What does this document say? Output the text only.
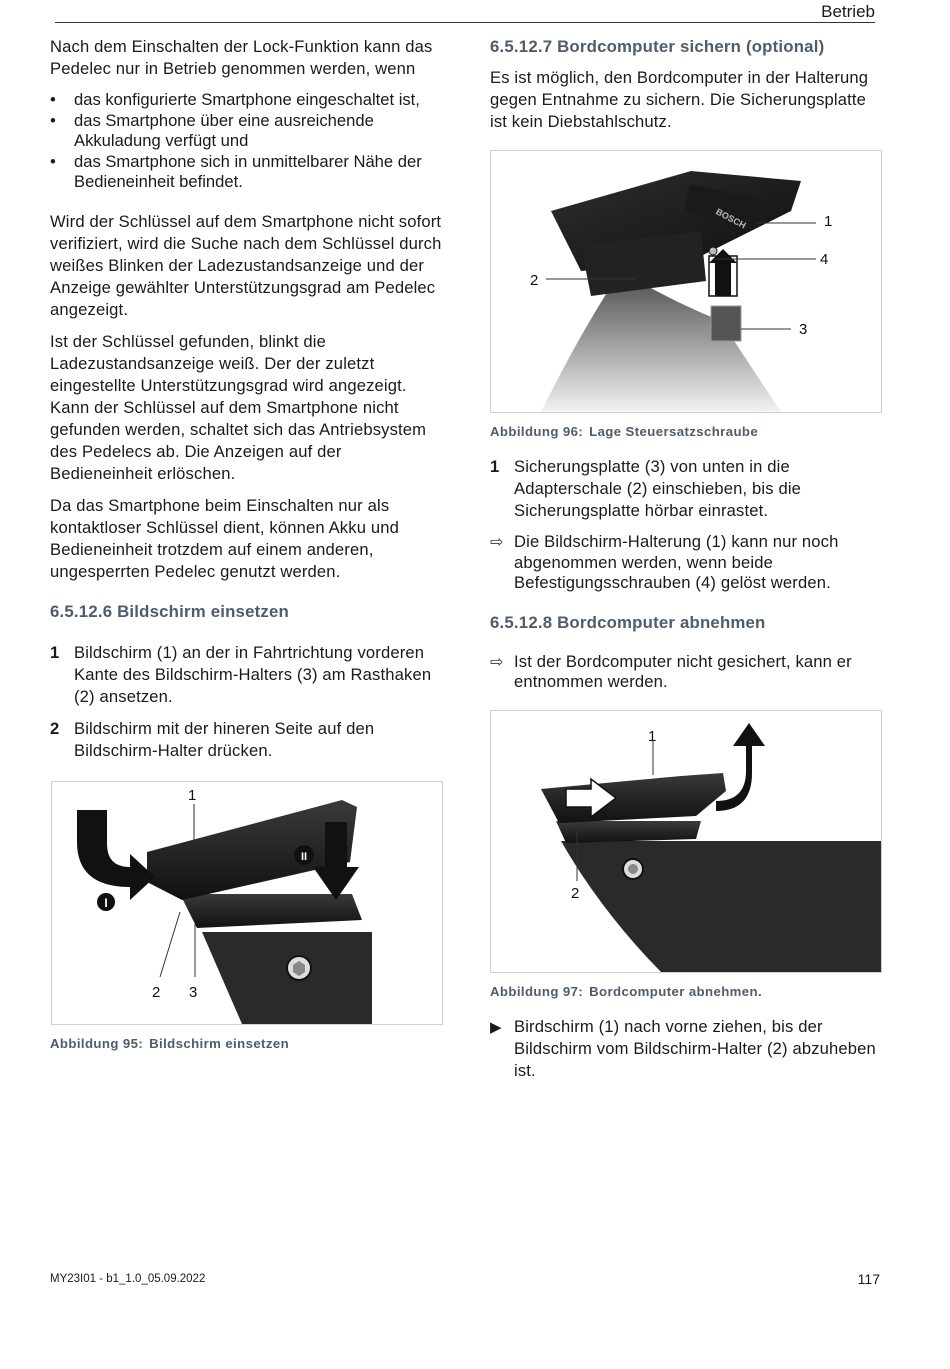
Betrieb

Nach dem Einschalten der Lock-Funktion kann das Pedelec nur in Betrieb genommen werden, wenn

• das konfigurierte Smartphone eingeschaltet ist,
• das Smartphone über eine ausreichende Akkuladung verfügt und
• das Smartphone sich in unmittelbarer Nähe der Bedieneinheit befindet.

Wird der Schlüssel auf dem Smartphone nicht sofort verifiziert, wird die Suche nach dem Schlüssel durch weißes Blinken der Ladezustandsanzeige und der Anzeige gewählter Unterstützungsgrad am Pedelec angezeigt.

Ist der Schlüssel gefunden, blinkt die Ladezustandsanzeige weiß. Der der zuletzt eingestellte Unterstützungsgrad wird angezeigt. Kann der Schlüssel auf dem Smartphone nicht gefunden werden, schaltet sich das Antriebsystem des Pedelecs ab. Die Anzeigen auf der Bedieneinheit erlöschen.

Da das Smartphone beim Einschalten nur als kontaktloser Schlüssel dient, können Akku und Bedieneinheit trotzdem auf einem anderen, ungesperrten Pedelec genutzt werden.

6.5.12.6 Bildschirm einsetzen
1 Bildschirm (1) an der in Fahrtrichtung vorderen Kante des Bildschirm-Halters (3) am Rasthaken (2) ansetzen.

2 Bildschirm mit der hineren Seite auf den Bildschirm-Halter drücken.

I
II
1
2 3
Abbildung 95: Bildschirm einsetzen
6.5.12.7 Bordcomputer sichern (optional)

Es ist möglich, den Bordcomputer in der Halterung gegen Entnahme zu sichern. Die Sicherungsplatte ist kein Diebstahlschutz.

BOSCH	1
4
3
2
Abbildung 96: Lage Steuersatzschraube
1 Sicherungsplatte (3) von unten in die Adapterschale (2) einschieben, bis die Sicherungsplatte hörbar einrastet.

⇨ Die Bildschirm-Halterung (1) kann nur noch abgenommen werden, wenn beide Befestigungsschrauben (4) gelöst werden.

6.5.12.8 Bordcomputer abnehmen
⇨ Ist der Bordcomputer nicht gesichert, kann er entnommen werden.

1
2
Abbildung 97: Bordcomputer abnehmen.
▶ Birdschirm (1) nach vorne ziehen, bis der Bildschirm vom Bildschirm-Halter (2) abzuheben ist.

MY23I01 - b1_1.0_05.09.2022	117
